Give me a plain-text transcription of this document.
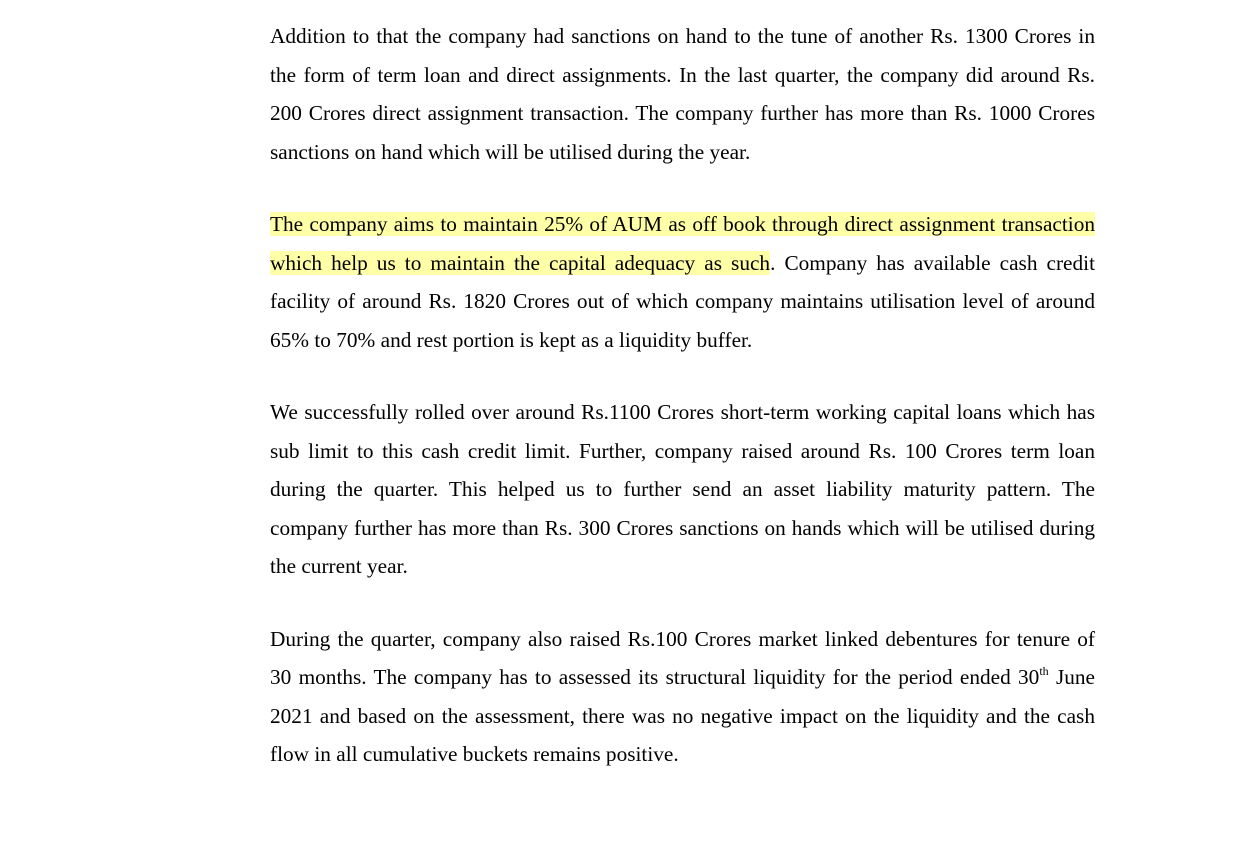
Addition to that the company had sanctions on hand to the tune of another Rs. 1300 Crores in the form of term loan and direct assignments. In the last quarter, the company did around Rs. 200 Crores direct assignment transaction. The company further has more than Rs. 1000 Crores sanctions on hand which will be utilised during the year.

The company aims to maintain 25% of AUM as off book through direct assignment transaction which help us to maintain the capital adequacy as such. Company has available cash credit facility of around Rs. 1820 Crores out of which company maintains utilisation level of around 65% to 70% and rest portion is kept as a liquidity buffer.

We successfully rolled over around Rs.1100 Crores short-term working capital loans which has sub limit to this cash credit limit. Further, company raised around Rs. 100 Crores term loan during the quarter. This helped us to further send an asset liability maturity pattern. The company further has more than Rs. 300 Crores sanctions on hands which will be utilised during the current year.

During the quarter, company also raised Rs.100 Crores market linked debentures for tenure of 30 months. The company has to assessed its structural liquidity for the period ended 30th June 2021 and based on the assessment, there was no negative impact on the liquidity and the cash flow in all cumulative buckets remains positive.
